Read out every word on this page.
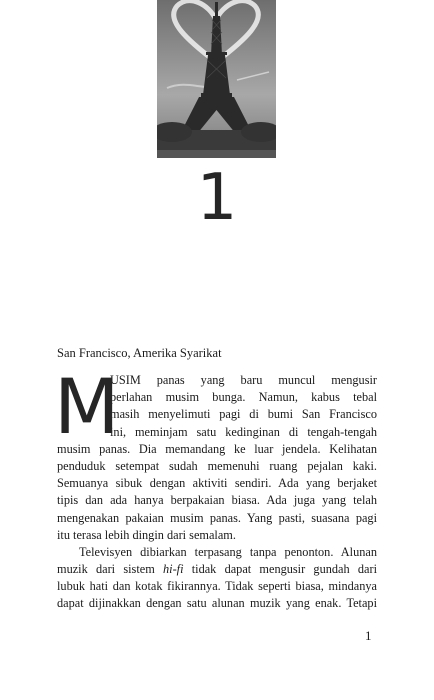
1
San Francisco, Amerika Syarikat
M
USIM panas yang baru muncul mengusir
perlahan musim bunga. Namun, kabus tebal
masih menyelimuti pagi di bumi San Francisco
ini, meminjam satu kedinginan di tengah-tengah
musim panas. Dia memandang ke luar jendela. Kelihatan
penduduk setempat sudah memenuhi ruang pejalan kaki.
Semuanya sibuk dengan aktiviti sendiri. Ada yang berjaket
tipis dan ada hanya berpakaian biasa. Ada juga yang telah
mengenakan pakaian musim panas. Yang pasti, suasana pagi
itu terasa lebih dingin dari semalam.
Televisyen dibiarkan terpasang tanpa penonton. Alunan
muzik dari sistem hi-fi tidak dapat mengusir gundah dari
lubuk hati dan kotak fikirannya. Tidak seperti biasa, mindanya
dapat dijinakkan dengan satu alunan muzik yang enak. Tetapi
1
